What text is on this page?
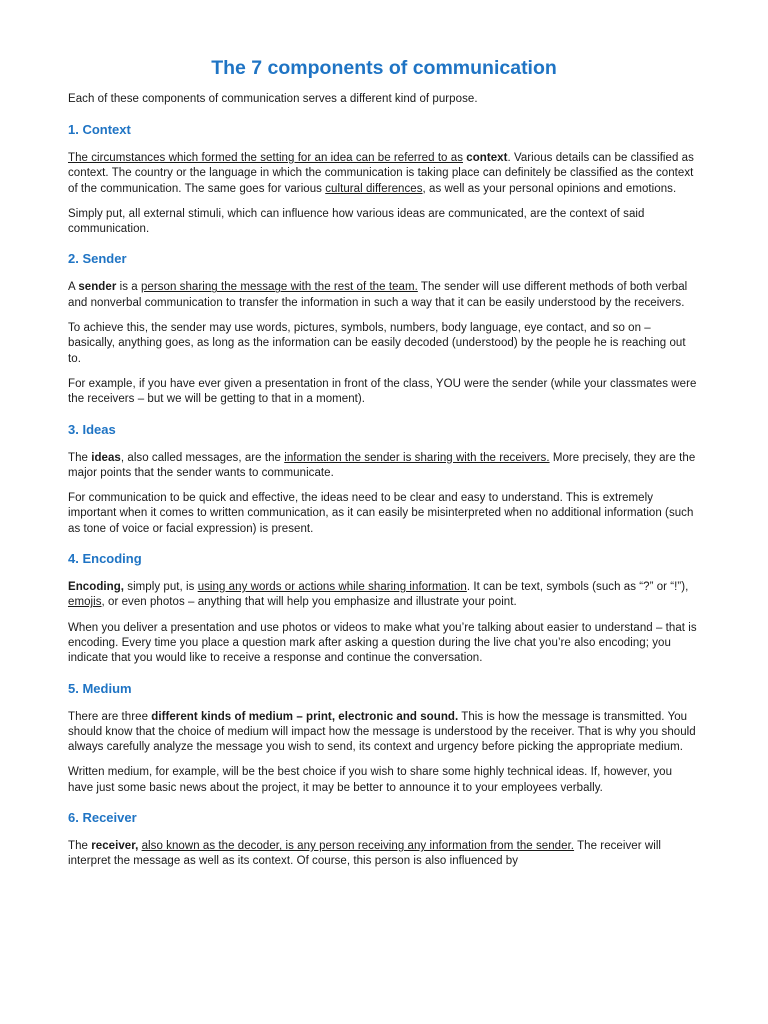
The 7 components of communication

Each of these components of communication serves a different kind of purpose.

1. Context

The circumstances which formed the setting for an idea can be referred to as context. Various details can be classified as context. The country or the language in which the communication is taking place can definitely be classified as the context of the communication. The same goes for various cultural differences, as well as your personal opinions and emotions.

Simply put, all external stimuli, which can influence how various ideas are communicated, are the context of said communication.

2. Sender

A sender is a person sharing the message with the rest of the team. The sender will use different methods of both verbal and nonverbal communication to transfer the information in such a way that it can be easily understood by the receivers.

To achieve this, the sender may use words, pictures, symbols, numbers, body language, eye contact, and so on – basically, anything goes, as long as the information can be easily decoded (understood) by the people he is reaching out to.

For example, if you have ever given a presentation in front of the class, YOU were the sender (while your classmates were the receivers – but we will be getting to that in a moment).

3. Ideas

The ideas, also called messages, are the information the sender is sharing with the receivers. More precisely, they are the major points that the sender wants to communicate.

For communication to be quick and effective, the ideas need to be clear and easy to understand. This is extremely important when it comes to written communication, as it can easily be misinterpreted when no additional information (such as tone of voice or facial expression) is present.

4. Encoding

Encoding, simply put, is using any words or actions while sharing information. It can be text, symbols (such as “?” or “!”), emojis, or even photos – anything that will help you emphasize and illustrate your point.

When you deliver a presentation and use photos or videos to make what you’re talking about easier to understand – that is encoding. Every time you place a question mark after asking a question during the live chat you’re also encoding; you indicate that you would like to receive a response and continue the conversation.

5. Medium

There are three different kinds of medium – print, electronic and sound. This is how the message is transmitted. You should know that the choice of medium will impact how the message is understood by the receiver. That is why you should always carefully analyze the message you wish to send, its context and urgency before picking the appropriate medium.

Written medium, for example, will be the best choice if you wish to share some highly technical ideas. If, however, you have just some basic news about the project, it may be better to announce it to your employees verbally.

6. Receiver

The receiver, also known as the decoder, is any person receiving any information from the sender. The receiver will interpret the message as well as its context. Of course, this person is also influenced by
